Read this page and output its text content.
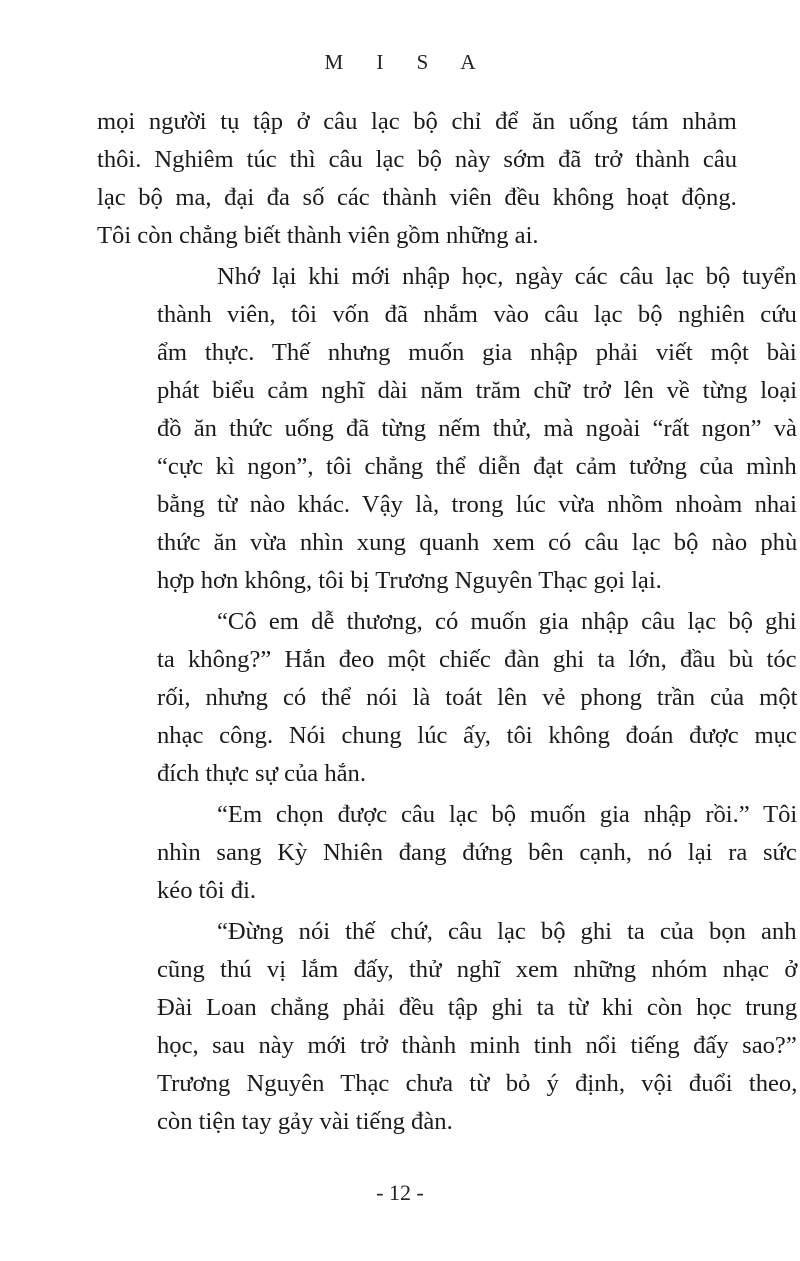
M I S A

mọi người tụ tập ở câu lạc bộ chỉ để ăn uống tám nhảm
thôi. Nghiêm túc thì câu lạc bộ này sớm đã trở thành câu
lạc bộ ma, đại đa số các thành viên đều không hoạt động.
Tôi còn chẳng biết thành viên gồm những ai.

Nhớ lại khi mới nhập học, ngày các câu lạc bộ tuyển
thành viên, tôi vốn đã nhắm vào câu lạc bộ nghiên cứu
ẩm thực. Thế nhưng muốn gia nhập phải viết một bài
phát biểu cảm nghĩ dài năm trăm chữ trở lên về từng loại
đồ ăn thức uống đã từng nếm thử, mà ngoài “rất ngon” và
“cực kì ngon”, tôi chẳng thể diễn đạt cảm tưởng của mình
bằng từ nào khác. Vậy là, trong lúc vừa nhồm nhoàm nhai
thức ăn vừa nhìn xung quanh xem có câu lạc bộ nào phù
hợp hơn không, tôi bị Trương Nguyên Thạc gọi lại.

“Cô em dễ thương, có muốn gia nhập câu lạc bộ ghi
ta không?” Hắn đeo một chiếc đàn ghi ta lớn, đầu bù tóc
rối, nhưng có thể nói là toát lên vẻ phong trần của một
nhạc công. Nói chung lúc ấy, tôi không đoán được mục
đích thực sự của hắn.

“Em chọn được câu lạc bộ muốn gia nhập rồi.” Tôi
nhìn sang Kỳ Nhiên đang đứng bên cạnh, nó lại ra sức
kéo tôi đi.

“Đừng nói thế chứ, câu lạc bộ ghi ta của bọn anh
cũng thú vị lắm đấy, thử nghĩ xem những nhóm nhạc ở
Đài Loan chẳng phải đều tập ghi ta từ khi còn học trung
học, sau này mới trở thành minh tinh nổi tiếng đấy sao?”
Trương Nguyên Thạc chưa từ bỏ ý định, vội đuổi theo,
còn tiện tay gảy vài tiếng đàn.

- 12 -
